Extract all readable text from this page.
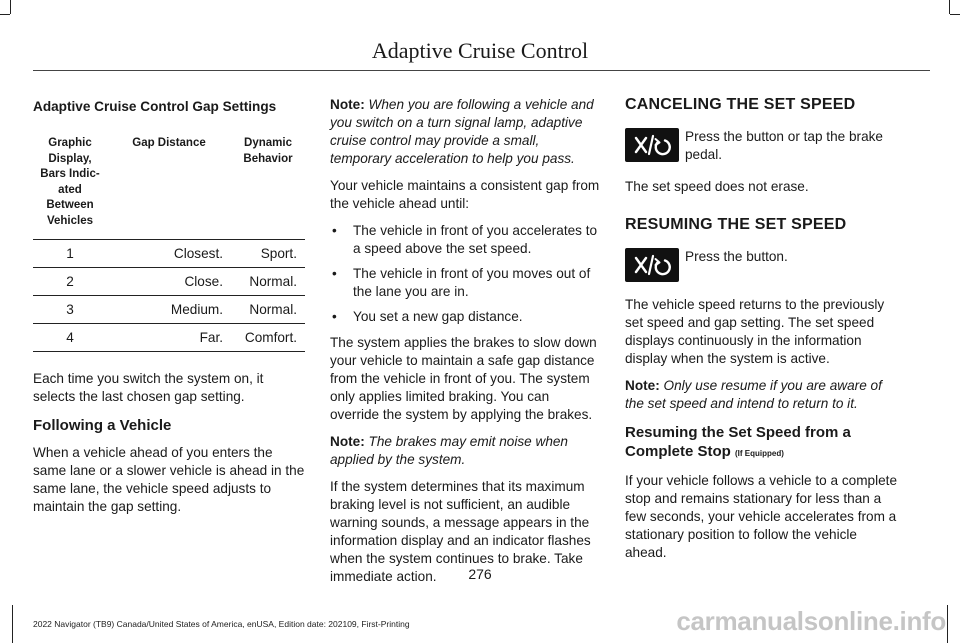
Adaptive Cruise Control
Adaptive Cruise Control Gap Settings
Graphic Display, Bars Indic- ated Between Vehicles	Gap Distance	Dynamic Behavior
1	Closest.	Sport.
2	Close.	Normal.
3	Medium.	Normal.
4	Far.	Comfort.

Each time you switch the system on, it selects the last chosen gap setting.

Following a Vehicle

When a vehicle ahead of you enters the same lane or a slower vehicle is ahead in the same lane, the vehicle speed adjusts to maintain the gap setting.

Note: When you are following a vehicle and you switch on a turn signal lamp, adaptive cruise control may provide a small, temporary acceleration to help you pass.

Your vehicle maintains a consistent gap from the vehicle ahead until:

• The vehicle in front of you accelerates to a speed above the set speed.
• The vehicle in front of you moves out of the lane you are in.
• You set a new gap distance.

The system applies the brakes to slow down your vehicle to maintain a safe gap distance from the vehicle in front of you. The system only applies limited braking. You can override the system by applying the brakes.

Note: The brakes may emit noise when applied by the system.

If the system determines that its maximum braking level is not sufficient, an audible warning sounds, a message appears in the information display and an indicator flashes when the system continues to brake. Take immediate action.

CANCELING THE SET SPEED
Press the button or tap the brake pedal.

The set speed does not erase.

RESUMING THE SET SPEED
Press the button.

The vehicle speed returns to the previously set speed and gap setting. The set speed displays continuously in the information display when the system is active.

Note: Only use resume if you are aware of the set speed and intend to return to it.

Resuming the Set Speed from a Complete Stop (If Equipped)

If your vehicle follows a vehicle to a complete stop and remains stationary for less than a few seconds, your vehicle accelerates from a stationary position to follow the vehicle ahead.

276
2022 Navigator (TB9) Canada/United States of America, enUSA, Edition date: 202109, First-Printing	carmanualsonline.info
